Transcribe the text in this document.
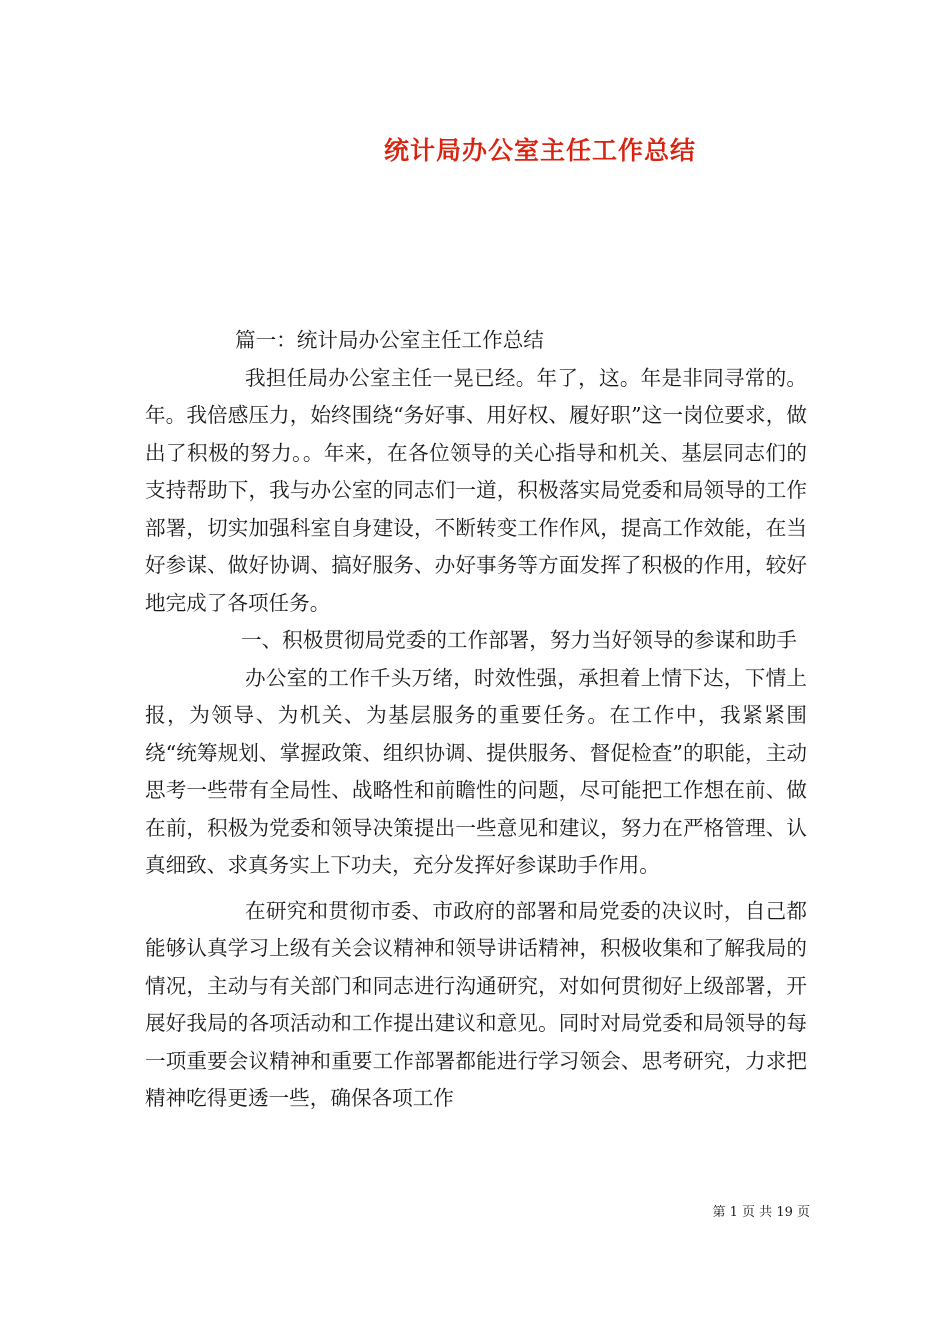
统计局办公室主任工作总结

篇一：统计局办公室主任工作总结

我担任局办公室主任一晃已经。年了，这。年是非同寻常的。年。我倍感压力，始终围绕“务好事、用好权、履好职”这一岗位要求，做出了积极的努力。。年来，在各位领导的关心指导和机关、基层同志们的支持帮助下，我与办公室的同志们一道，积极落实局党委和局领导的工作部署，切实加强科室自身建设，不断转变工作作风，提高工作效能，在当好参谋、做好协调、搞好服务、办好事务等方面发挥了积极的作用，较好地完成了各项任务。

一、积极贯彻局党委的工作部署，努力当好领导的参谋和助手

办公室的工作千头万绪，时效性强，承担着上情下达，下情上报，为领导、为机关、为基层服务的重要任务。在工作中，我紧紧围绕“统筹规划、掌握政策、组织协调、提供服务、督促检查”的职能，主动思考一些带有全局性、战略性和前瞻性的问题，尽可能把工作想在前、做在前，积极为党委和领导决策提出一些意见和建议，努力在严格管理、认真细致、求真务实上下功夫，充分发挥好参谋助手作用。

在研究和贯彻市委、市政府的部署和局党委的决议时，自己都能够认真学习上级有关会议精神和领导讲话精神，积极收集和了解我局的情况，主动与有关部门和同志进行沟通研究，对如何贯彻好上级部署，开展好我局的各项活动和工作提出建议和意见。同时对局党委和局领导的每一项重要会议精神和重要工作部署都能进行学习领会、思考研究，力求把精神吃得更透一些，确保各项工作

第 1 页 共 19 页
